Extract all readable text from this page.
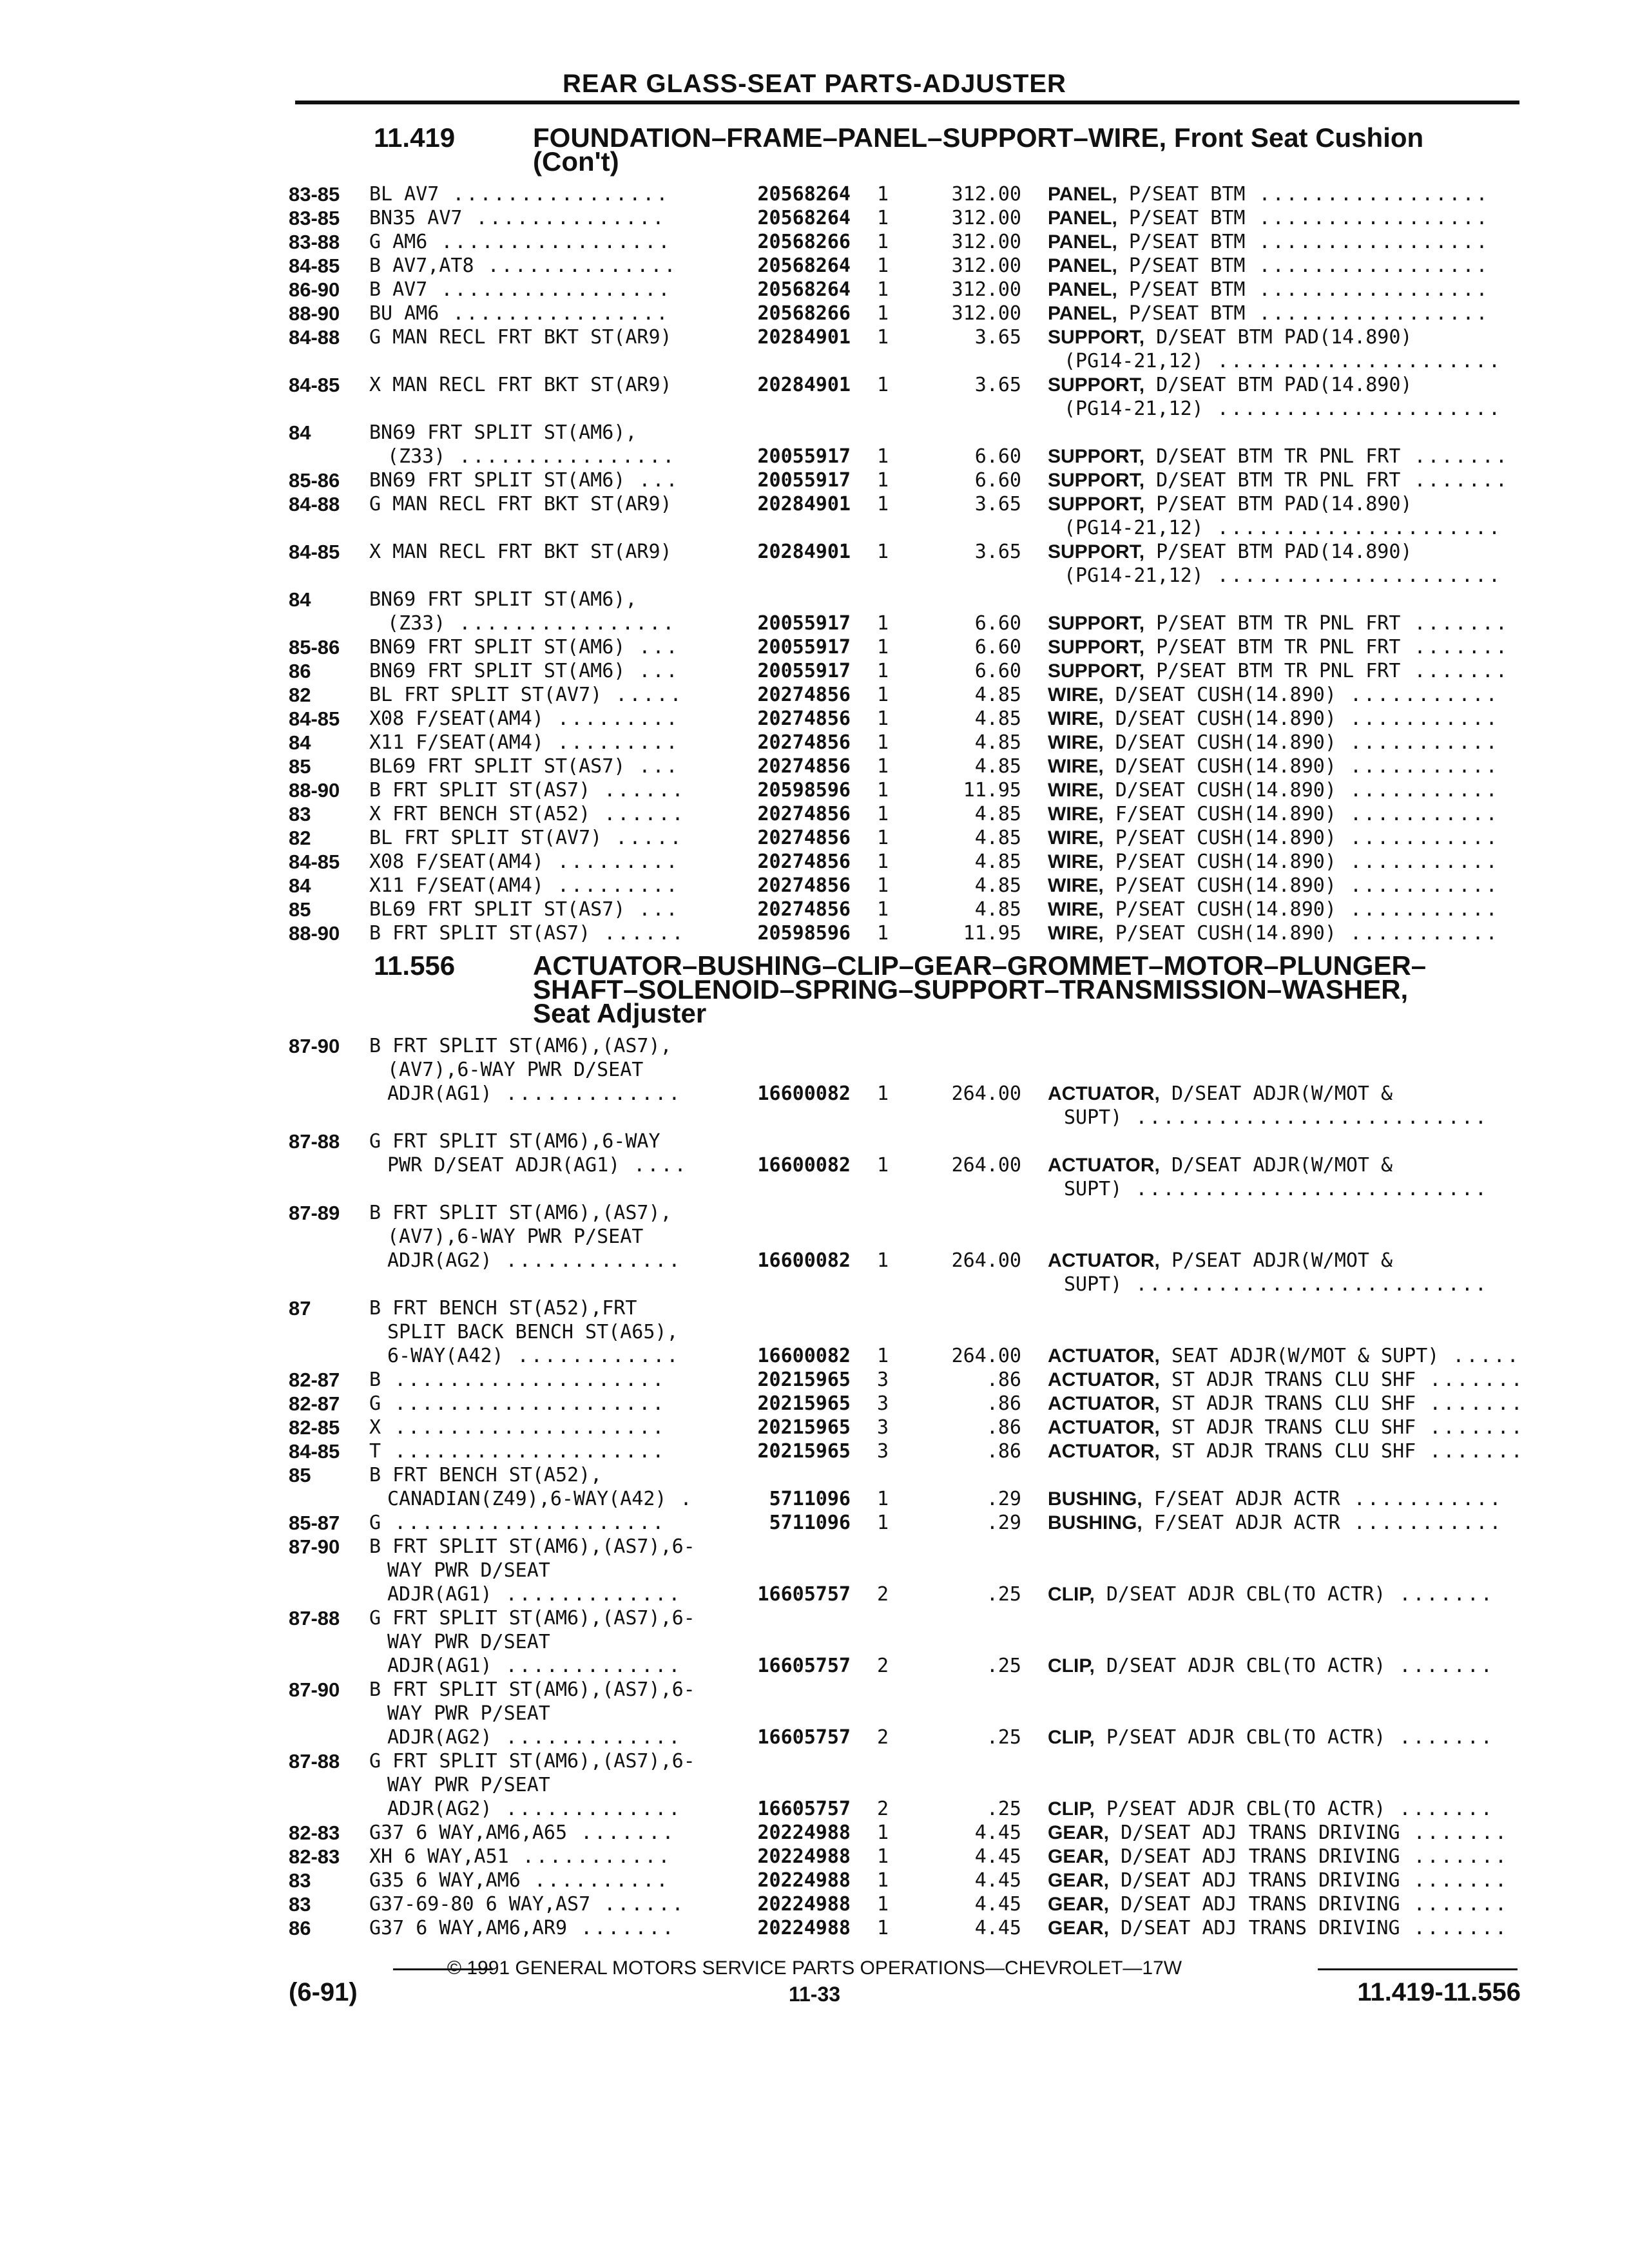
REAR GLASS-SEAT PARTS-ADJUSTER
11.419	FOUNDATION–FRAME–PANEL–SUPPORT–WIRE, Front Seat Cushion
(Con't)
83-85 BL AV7 ................	20568264	1	312.00 PANEL, P/SEAT BTM .................
83-85 BN35 AV7 ..............	20568264	1	312.00 PANEL, P/SEAT BTM .................
83-88 G AM6 .................	20568266	1	312.00 PANEL, P/SEAT BTM .................
84-85 B AV7,AT8 ..............	20568264	1	312.00 PANEL, P/SEAT BTM .................
86-90 B AV7 .................	20568264	1	312.00 PANEL, P/SEAT BTM .................
88-90 BU AM6 ................	20568266	1	312.00 PANEL, P/SEAT BTM .................
84-88 G MAN RECL FRT BKT ST(AR9)	20284901	1	3.65 SUPPORT, D/SEAT BTM PAD(14.890)
(PG14-21,12) .....................
84-85 X MAN RECL FRT BKT ST(AR9)	20284901	1	3.65 SUPPORT, D/SEAT BTM PAD(14.890)
(PG14-21,12) .....................
84	BN69 FRT SPLIT ST(AM6),
(Z33) ................	20055917	1	6.60 SUPPORT, D/SEAT BTM TR PNL FRT .......
85-86 BN69 FRT SPLIT ST(AM6) ...	20055917	1	6.60 SUPPORT, D/SEAT BTM TR PNL FRT .......
84-88 G MAN RECL FRT BKT ST(AR9)	20284901	1	3.65 SUPPORT, P/SEAT BTM PAD(14.890)
(PG14-21,12) .....................
84-85 X MAN RECL FRT BKT ST(AR9)	20284901	1	3.65 SUPPORT, P/SEAT BTM PAD(14.890)
(PG14-21,12) .....................
84	BN69 FRT SPLIT ST(AM6),
(Z33) ................	20055917	1	6.60 SUPPORT, P/SEAT BTM TR PNL FRT .......
85-86 BN69 FRT SPLIT ST(AM6) ...	20055917	1	6.60 SUPPORT, P/SEAT BTM TR PNL FRT .......
86	BN69 FRT SPLIT ST(AM6) ...	20055917	1	6.60 SUPPORT, P/SEAT BTM TR PNL FRT .......
82	BL FRT SPLIT ST(AV7) .....	20274856	1	4.85 WIRE, D/SEAT CUSH(14.890) ...........
84-85 X08 F/SEAT(AM4) .........	20274856	1	4.85 WIRE, D/SEAT CUSH(14.890) ...........
84	X11 F/SEAT(AM4) .........	20274856	1	4.85 WIRE, D/SEAT CUSH(14.890) ...........
85	BL69 FRT SPLIT ST(AS7) ...	20274856	1	4.85 WIRE, D/SEAT CUSH(14.890) ...........
88-90 B FRT SPLIT ST(AS7) ......	20598596	1	11.95 WIRE, D/SEAT CUSH(14.890) ...........
83	X FRT BENCH ST(A52) ......	20274856	1	4.85 WIRE, F/SEAT CUSH(14.890) ...........
82	BL FRT SPLIT ST(AV7) .....	20274856	1	4.85 WIRE, P/SEAT CUSH(14.890) ...........
84-85 X08 F/SEAT(AM4) .........	20274856	1	4.85 WIRE, P/SEAT CUSH(14.890) ...........
84	X11 F/SEAT(AM4) .........	20274856	1	4.85 WIRE, P/SEAT CUSH(14.890) ...........
85	BL69 FRT SPLIT ST(AS7) ...	20274856	1	4.85 WIRE, P/SEAT CUSH(14.890) ...........
88-90 B FRT SPLIT ST(AS7) ......	20598596	1	11.95 WIRE, P/SEAT CUSH(14.890) ...........
11.556	ACTUATOR–BUSHING–CLIP–GEAR–GROMMET–MOTOR–PLUNGER–
SHAFT–SOLENOID–SPRING–SUPPORT–TRANSMISSION–WASHER,
Seat Adjuster
87-90 B FRT SPLIT ST(AM6),(AS7),
(AV7),6-WAY PWR D/SEAT
ADJR(AG1) .............	16600082	1	264.00 ACTUATOR, D/SEAT ADJR(W/MOT &
SUPT) ..........................
87-88 G FRT SPLIT ST(AM6),6-WAY
PWR D/SEAT ADJR(AG1) ....	16600082	1	264.00 ACTUATOR, D/SEAT ADJR(W/MOT &
SUPT) ..........................
87-89 B FRT SPLIT ST(AM6),(AS7),
(AV7),6-WAY PWR P/SEAT
ADJR(AG2) .............	16600082	1	264.00 ACTUATOR, P/SEAT ADJR(W/MOT &
SUPT) ..........................
87	B FRT BENCH ST(A52),FRT
SPLIT BACK BENCH ST(A65),
6-WAY(A42) ............	16600082	1	264.00 ACTUATOR, SEAT ADJR(W/MOT & SUPT) .....
82-87 B ....................	20215965	3	.86 ACTUATOR, ST ADJR TRANS CLU SHF .......
82-87 G ....................	20215965	3	.86 ACTUATOR, ST ADJR TRANS CLU SHF .......
82-85 X ....................	20215965	3	.86 ACTUATOR, ST ADJR TRANS CLU SHF .......
84-85 T ....................	20215965	3	.86 ACTUATOR, ST ADJR TRANS CLU SHF .......
85	B FRT BENCH ST(A52),
CANADIAN(Z49),6-WAY(A42) .	5711096	1	.29 BUSHING, F/SEAT ADJR ACTR ...........
85-87 G ....................	5711096	1	.29 BUSHING, F/SEAT ADJR ACTR ...........
87-90 B FRT SPLIT ST(AM6),(AS7),6-
WAY PWR D/SEAT
ADJR(AG1) .............	16605757	2	.25 CLIP, D/SEAT ADJR CBL(TO ACTR) .......
87-88 G FRT SPLIT ST(AM6),(AS7),6-
WAY PWR D/SEAT
ADJR(AG1) .............	16605757	2	.25 CLIP, D/SEAT ADJR CBL(TO ACTR) .......
87-90 B FRT SPLIT ST(AM6),(AS7),6-
WAY PWR P/SEAT
ADJR(AG2) .............	16605757	2	.25 CLIP, P/SEAT ADJR CBL(TO ACTR) .......
87-88 G FRT SPLIT ST(AM6),(AS7),6-
WAY PWR P/SEAT
ADJR(AG2) .............	16605757	2	.25 CLIP, P/SEAT ADJR CBL(TO ACTR) .......
82-83 G37 6 WAY,AM6,A65 .......	20224988	1	4.45 GEAR, D/SEAT ADJ TRANS DRIVING .......
82-83 XH 6 WAY,A51 ...........	20224988	1	4.45 GEAR, D/SEAT ADJ TRANS DRIVING .......
83	G35 6 WAY,AM6 ..........	20224988	1	4.45 GEAR, D/SEAT ADJ TRANS DRIVING .......
83	G37-69-80 6 WAY,AS7 ......	20224988	1	4.45 GEAR, D/SEAT ADJ TRANS DRIVING .......
86	G37 6 WAY,AM6,AR9 .......	20224988	1	4.45 GEAR, D/SEAT ADJ TRANS DRIVING .......
© 1991 GENERAL MOTORS SERVICE PARTS OPERATIONS—CHEVROLET—17W
(6-91)	11-33	11.419-11.556
